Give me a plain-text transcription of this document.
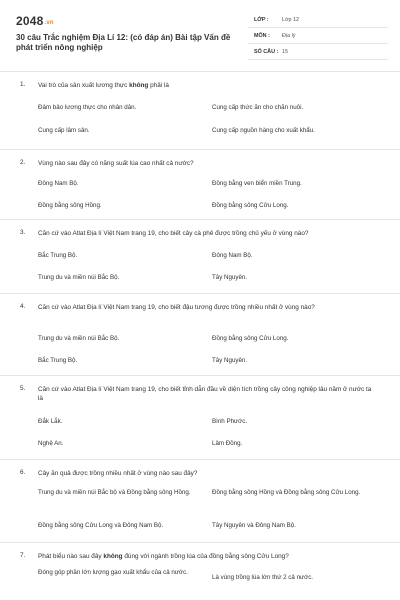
2048.vn
30 câu Trắc nghiệm Địa Lí 12: (có đáp án) Bài tập Vấn đề phát triển nông nghiệp
LỚP : Lớp 12
MÔN : Địa lý
SỐ CÂU : 15
1. Vai trò của sản xuất lương thực không phải là
Đảm bảo lương thực cho nhân dân.	Cung cấp thức ăn cho chăn nuôi.
Cung cấp lâm sản.	Cung cấp nguồn hàng cho xuất khẩu.
2. Vùng nào sau đây có năng suất lúa cao nhất cả nước?
Đông Nam Bộ.	Đồng bằng ven biển miền Trung.
Đồng bằng sông Hồng.	Đồng bằng sông Cửu Long.
3. Căn cứ vào Atlat Địa lí Việt Nam trang 19, cho biết cây cà phê được trồng chủ yếu ở vùng nào?
Bắc Trung Bộ.	Đông Nam Bộ.
Trung du và miền núi Bắc Bộ.	Tây Nguyên.
4. Căn cứ vào Atlat Địa lí Việt Nam trang 19, cho biết đậu tương được trồng nhiều nhất ở vùng nào?
Trung du và miền núi Bắc Bộ.	Đồng bằng sông Cửu Long.
Bắc Trung Bộ.	Tây Nguyên.
5. Căn cứ vào Atlat Địa lí Việt Nam trang 19, cho biết tỉnh dẫn đầu về diện tích trồng cây công nghiệp lâu năm ở nước ta là
Đắk Lắk.	Bình Phước.
Nghệ An.	Lâm Đồng.
6. Cây ăn quả được trồng nhiều nhất ở vùng nào sau đây?
Trung du và miền núi Bắc bộ và Đồng bằng sông Hồng.	Đồng bằng sông Hồng và Đồng bằng sông Cửu Long.
Đồng bằng sông Cửu Long và Đông Nam Bộ.	Tây Nguyên và Đông Nam Bộ.
7. Phát biểu nào sau đây không đúng với ngành trồng lúa của đồng bằng sông Cửu Long?
Đóng góp phần lớn lượng gạo xuất khẩu của cả nước.
Là vùng trồng lúa lớn thứ 2 cả nước.
